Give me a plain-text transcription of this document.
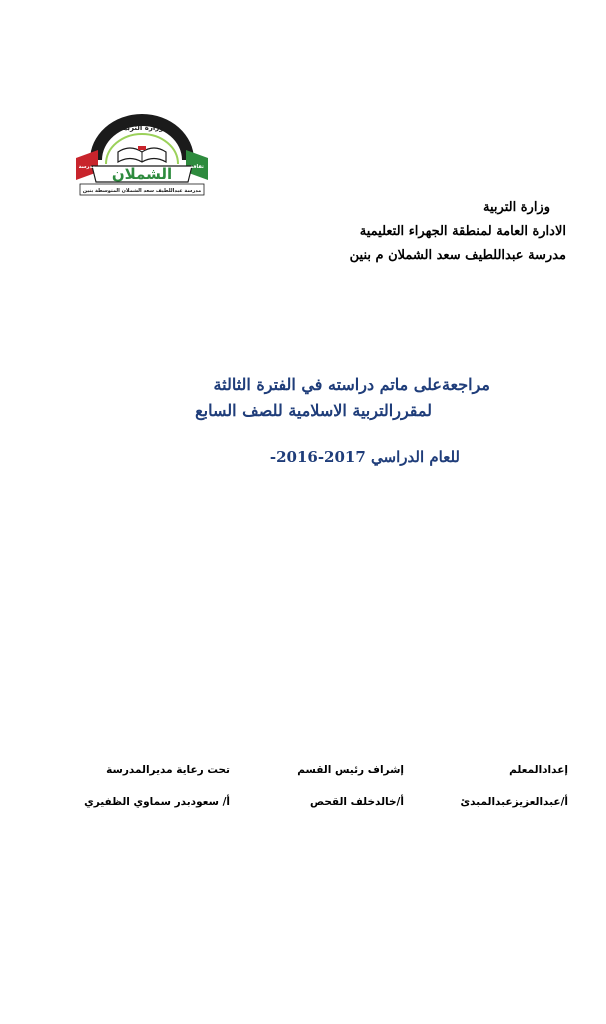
وزارة التربية
الشملان
مدرسة	ثقافة
مدرسة عبداللطيف سعد الشملان المتوسطة بنين
وزارة التربية
الادارة العامة لمنطقة الجهراء التعليمية
مدرسة عبداللطيف سعد الشملان م بنين
مراجعةعلى ماتم دراسته في الفترة الثالثة
لمقررالتربية الاسلامية للصف السابع
للعام الدراسي -2016-2017
إعدادالمعلم
إشراف رئيس القسم
تحت رعاية مديرالمدرسة
أ/عبدالعزيزعبدالمبدئ
أ/خالدخلف القحص
أ/ سعودبدر سماوي الظفيري
